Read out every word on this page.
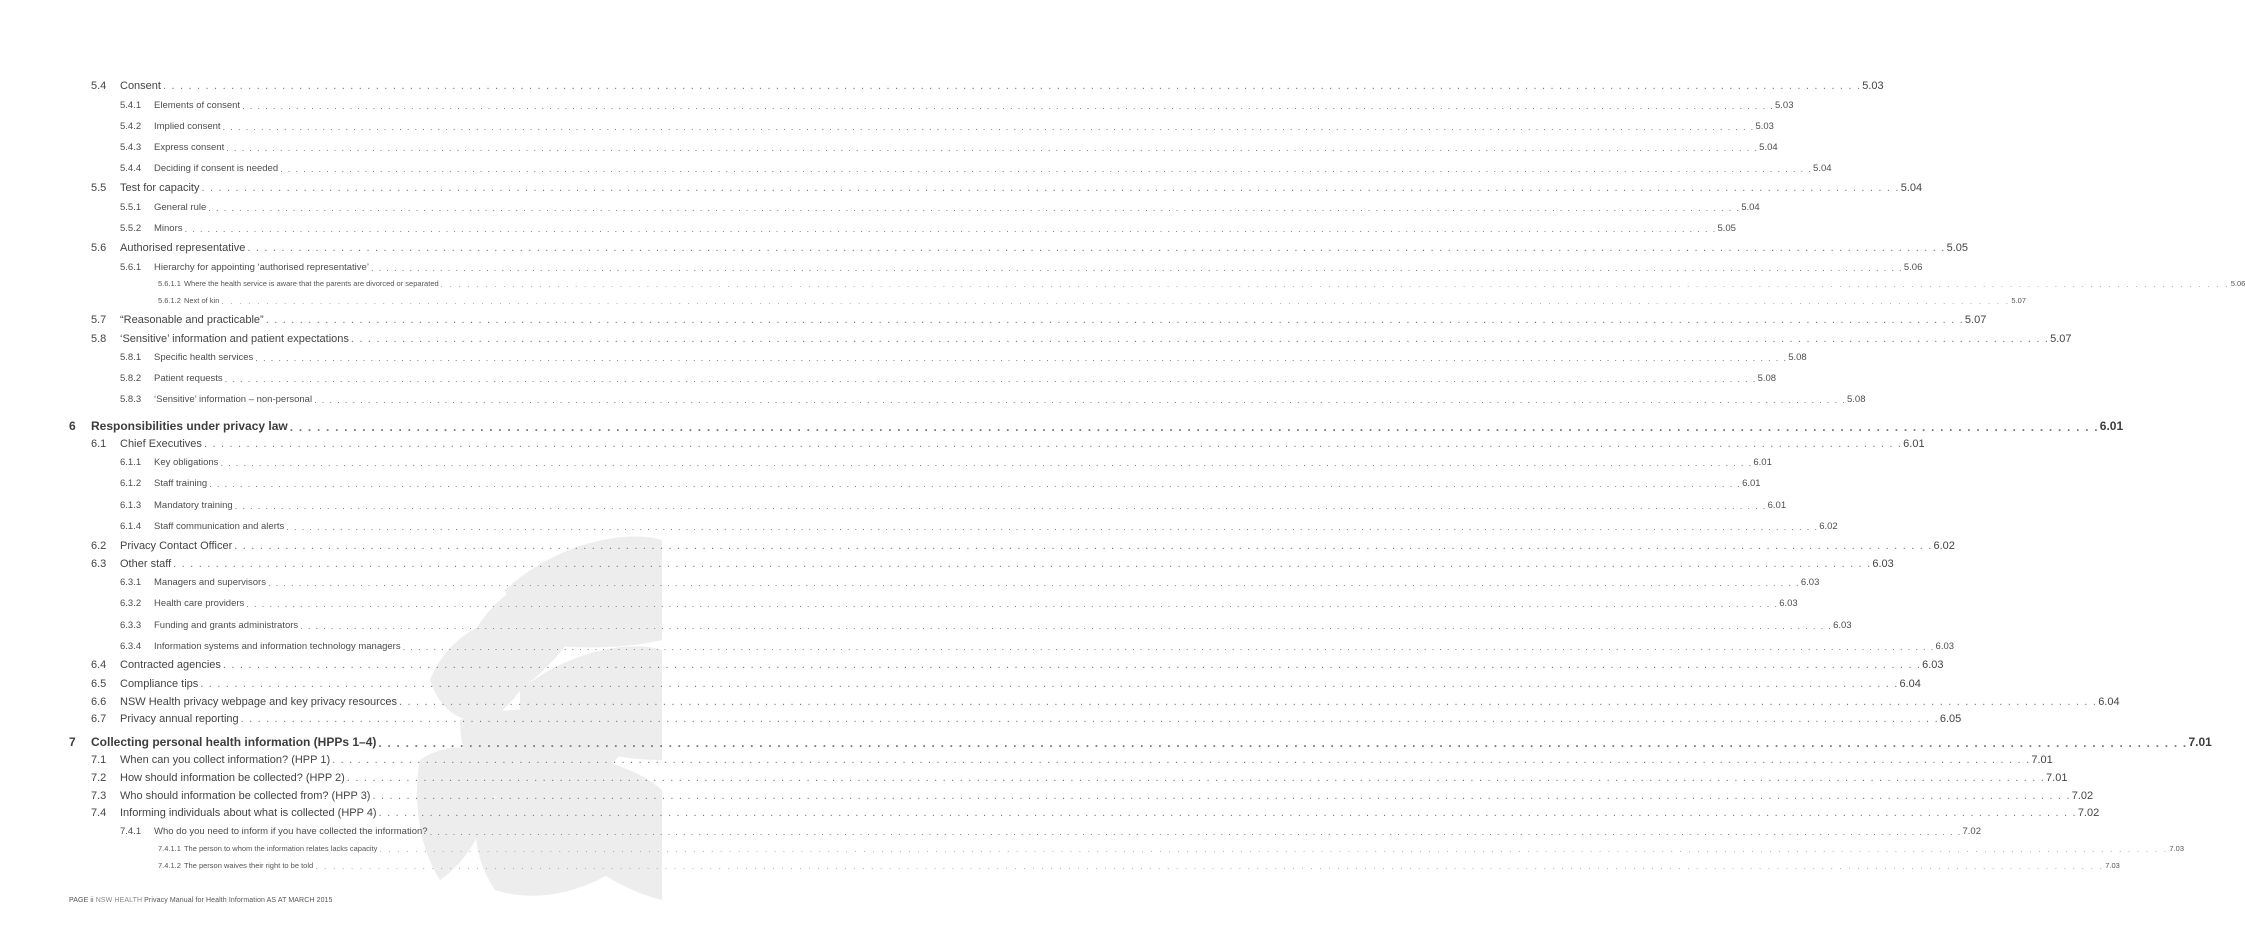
5.4	Consent . . . . . . . . . . . . . . . . . . . . . . . . . . . . . . . . . . . . . . . . . . . . . . . . . . . . . . . . . . . . . . . . . . . . . . . . . . . . . . . . . . . . . . . . . . . . . . . . . . . . . . . . . . . . . . . . . . . . . . . . . . . . . . . . . . . . . . . . . . . . . . . . . . . . . . . . . . . . . . . . . . . . . . . . . . . . . . . . . . . . . . . . . . . . . . . . . . . . . . . . 5.03
5.4.1	Elements of consent . . . . . . . . . . . . . . . . . . . . . . . . . . . . . . . . . . . . . . . . . . . . . . . . . . . . . . . . . . . . . . . . . . . . . . . . . . . . . . . . . . . . . . . . . . . . . . . . . . . . . . . . . . . . . . . . . . . . . . . . . . . . . . . . . . . . . . . . . . . . . . . . . . . . . . . . . . . . . . . . . . . . . . . . . . . . . . . . . . . . . . . . . . . . . . . . . . . . . . . . 5.03
5.4.2	Implied consent . . . . . . . . . . . . . . . . . . . . . . . . . . . . . . . . . . . . . . . . . . . . . . . . . . . . . . . . . . . . . . . . . . . . . . . . . . . . . . . . . . . . . . . . . . . . . . . . . . . . . . . . . . . . . . . . . . . . . . . . . . . . . . . . . . . . . . . . . . . . . . . . . . . . . . . . . . . . . . . . . . . . . . . . . . . . . . . . . . . . . . . . . . . . . . . . . . . . . . . . 5.03
5.4.3	Express consent . . . . . . . . . . . . . . . . . . . . . . . . . . . . . . . . . . . . . . . . . . . . . . . . . . . . . . . . . . . . . . . . . . . . . . . . . . . . . . . . . . . . . . . . . . . . . . . . . . . . . . . . . . . . . . . . . . . . . . . . . . . . . . . . . . . . . . . . . . . . . . . . . . . . . . . . . . . . . . . . . . . . . . . . . . . . . . . . . . . . . . . . . . . . . . . . . . . . . . . . 5.04
5.4.4	Deciding if consent is needed . . . . . . . . . . . . . . . . . . . . . . . . . . . . . . . . . . . . . . . . . . . . . . . . . . . . . . . . . . . . . . . . . . . . . . . . . . . . . . . . . . . . . . . . . . . . . . . . . . . . . . . . . . . . . . . . . . . . . . . . . . . . . . . . . . . . . . . . . . . . . . . . . . . . . . . . . . . . . . . . . . . . . . . . . . . . . . . . . . . . . . . . . . . . . . . . . . . . . . . . 5.04
5.5	Test for capacity . . . . . . . . . . . . . . . . . . . . . . . . . . . . . . . . . . . . . . . . . . . . . . . . . . . . . . . . . . . . . . . . . . . . . . . . . . . . . . . . . . . . . . . . . . . . . . . . . . . . . . . . . . . . . . . . . . . . . . . . . . . . . . . . . . . . . . . . . . . . . . . . . . . . . . . . . . . . . . . . . . . . . . . . . . . . . . . . . . . . . . . . . . . . . . . . . . . . . . . . 5.04
5.5.1	General rule . . . . . . . . . . . . . . . . . . . . . . . . . . . . . . . . . . . . . . . . . . . . . . . . . . . . . . . . . . . . . . . . . . . . . . . . . . . . . . . . . . . . . . . . . . . . . . . . . . . . . . . . . . . . . . . . . . . . . . . . . . . . . . . . . . . . . . . . . . . . . . . . . . . . . . . . . . . . . . . . . . . . . . . . . . . . . . . . . . . . . . . . . . . . . . . . . . . . . . . . 5.04
5.5.2	Minors . . . . . . . . . . . . . . . . . . . . . . . . . . . . . . . . . . . . . . . . . . . . . . . . . . . . . . . . . . . . . . . . . . . . . . . . . . . . . . . . . . . . . . . . . . . . . . . . . . . . . . . . . . . . . . . . . . . . . . . . . . . . . . . . . . . . . . . . . . . . . . . . . . . . . . . . . . . . . . . . . . . . . . . . . . . . . . . . . . . . . . . . . . . . . . . . . . . . . . . . 5.05
5.6	Authorised representative . . . . . . . . . . . . . . . . . . . . . . . . . . . . . . . . . . . . . . . . . . . . . . . . . . . . . . . . . . . . . . . . . . . . . . . . . . . . . . . . . . . . . . . . . . . . . . . . . . . . . . . . . . . . . . . . . . . . . . . . . . . . . . . . . . . . . . . . . . . . . . . . . . . . . . . . . . . . . . . . . . . . . . . . . . . . . . . . . . . . . . . . . . . . . . . . . . . . . . . . 5.05
5.6.1	Hierarchy for appointing ‘authorised representative’ . . . . . . . . . . . . . . . . . . . . . . . . . . . . . . . . . . . . . . . . . . . . . . . . . . . . . . . . . . . . . . . . . . . . . . . . . . . . . . . . . . . . . . . . . . . . . . . . . . . . . . . . . . . . . . . . . . . . . . . . . . . . . . . . . . . . . . . . . . . . . . . . . . . . . . . . . . . . . . . . . . . . . . . . . . . . . . . . . . . . . . . . . . . . . . . . . . . . . . . . 5.06
5.6.1.1 Where the health service is aware that the parents are divorced or separated . . . . . . . . . . . . . . . . . . . . . . . . . . . . . . . . . . . . . . . . . . . . . . . . . . . . . . . . . . . . . . . . . . . . . . . . . . . . . . . . . . . . . . . . . . . . . . . . . . . . . . . . . . . . . . . . . . . . . . . . . . . . . . . . . . . . . . . . . . . . . . . . . . . . . . . . . . . . . . . . . . . . . . . . . . . . . . . . . . . . . . . . . . . . . . . . . . . . . . . . 5.06
5.6.1.2 Next of kin . . . . . . . . . . . . . . . . . . . . . . . . . . . . . . . . . . . . . . . . . . . . . . . . . . . . . . . . . . . . . . . . . . . . . . . . . . . . . . . . . . . . . . . . . . . . . . . . . . . . . . . . . . . . . . . . . . . . . . . . . . . . . . . . . . . . . . . . . . . . . . . . . . . . . . . . . . . . . . . . . . . . . . . . . . . . . . . . . . . . . . . . . . . . . . . . . . . . . . . . 5.07
5.7	“Reasonable and practicable” . . . . . . . . . . . . . . . . . . . . . . . . . . . . . . . . . . . . . . . . . . . . . . . . . . . . . . . . . . . . . . . . . . . . . . . . . . . . . . . . . . . . . . . . . . . . . . . . . . . . . . . . . . . . . . . . . . . . . . . . . . . . . . . . . . . . . . . . . . . . . . . . . . . . . . . . . . . . . . . . . . . . . . . . . . . . . . . . . . . . . . . . . . . . . . . . . . . . . . . . 5.07
5.8	‘Sensitive’ information and patient expectations . . . . . . . . . . . . . . . . . . . . . . . . . . . . . . . . . . . . . . . . . . . . . . . . . . . . . . . . . . . . . . . . . . . . . . . . . . . . . . . . . . . . . . . . . . . . . . . . . . . . . . . . . . . . . . . . . . . . . . . . . . . . . . . . . . . . . . . . . . . . . . . . . . . . . . . . . . . . . . . . . . . . . . . . . . . . . . . . . . . . . . . . . . . . . . . . . . . . . . . . 5.07
5.8.1	Specific health services . . . . . . . . . . . . . . . . . . . . . . . . . . . . . . . . . . . . . . . . . . . . . . . . . . . . . . . . . . . . . . . . . . . . . . . . . . . . . . . . . . . . . . . . . . . . . . . . . . . . . . . . . . . . . . . . . . . . . . . . . . . . . . . . . . . . . . . . . . . . . . . . . . . . . . . . . . . . . . . . . . . . . . . . . . . . . . . . . . . . . . . . . . . . . . . . . . . . . . . . 5.08
5.8.2	Patient requests . . . . . . . . . . . . . . . . . . . . . . . . . . . . . . . . . . . . . . . . . . . . . . . . . . . . . . . . . . . . . . . . . . . . . . . . . . . . . . . . . . . . . . . . . . . . . . . . . . . . . . . . . . . . . . . . . . . . . . . . . . . . . . . . . . . . . . . . . . . . . . . . . . . . . . . . . . . . . . . . . . . . . . . . . . . . . . . . . . . . . . . . . . . . . . . . . . . . . . . . 5.08
5.8.3	‘Sensitive’ information – non-personal . . . . . . . . . . . . . . . . . . . . . . . . . . . . . . . . . . . . . . . . . . . . . . . . . . . . . . . . . . . . . . . . . . . . . . . . . . . . . . . . . . . . . . . . . . . . . . . . . . . . . . . . . . . . . . . . . . . . . . . . . . . . . . . . . . . . . . . . . . . . . . . . . . . . . . . . . . . . . . . . . . . . . . . . . . . . . . . . . . . . . . . . . . . . . . . . . . . . . . . . 5.08
6	Responsibilities under privacy law . . . . . . . . . . . . . . . . . . . . . . . . . . . . . . . . . . . . . . . . . . . . . . . . . . . . . . . . . . . . . . . . . . . . . . . . . . . . . . . . . . . . . . . . . . . . . . . . . . . . . . . . . . . . . . . . . . . . . . . . . . . . . . . . . . . . . . . . . . . . . . . . . . . . . . . . . . . . . . . . . . . . . . . . . . . . . . . . . . . . . . . . . . . . . . . . . . . . . . . . 6.01
6.1	Chief Executives . . . . . . . . . . . . . . . . . . . . . . . . . . . . . . . . . . . . . . . . . . . . . . . . . . . . . . . . . . . . . . . . . . . . . . . . . . . . . . . . . . . . . . . . . . . . . . . . . . . . . . . . . . . . . . . . . . . . . . . . . . . . . . . . . . . . . . . . . . . . . . . . . . . . . . . . . . . . . . . . . . . . . . . . . . . . . . . . . . . . . . . . . . . . . . . . . . . . . . . . 6.01
6.1.1	Key obligations . . . . . . . . . . . . . . . . . . . . . . . . . . . . . . . . . . . . . . . . . . . . . . . . . . . . . . . . . . . . . . . . . . . . . . . . . . . . . . . . . . . . . . . . . . . . . . . . . . . . . . . . . . . . . . . . . . . . . . . . . . . . . . . . . . . . . . . . . . . . . . . . . . . . . . . . . . . . . . . . . . . . . . . . . . . . . . . . . . . . . . . . . . . . . . . . . . . . . . . . 6.01
6.1.2	Staff training . . . . . . . . . . . . . . . . . . . . . . . . . . . . . . . . . . . . . . . . . . . . . . . . . . . . . . . . . . . . . . . . . . . . . . . . . . . . . . . . . . . . . . . . . . . . . . . . . . . . . . . . . . . . . . . . . . . . . . . . . . . . . . . . . . . . . . . . . . . . . . . . . . . . . . . . . . . . . . . . . . . . . . . . . . . . . . . . . . . . . . . . . . . . . . . . . . . . . . . . 6.01
6.1.3	Mandatory training . . . . . . . . . . . . . . . . . . . . . . . . . . . . . . . . . . . . . . . . . . . . . . . . . . . . . . . . . . . . . . . . . . . . . . . . . . . . . . . . . . . . . . . . . . . . . . . . . . . . . . . . . . . . . . . . . . . . . . . . . . . . . . . . . . . . . . . . . . . . . . . . . . . . . . . . . . . . . . . . . . . . . . . . . . . . . . . . . . . . . . . . . . . . . . . . . . . . . . . . 6.01
6.1.4	Staff communication and alerts . . . . . . . . . . . . . . . . . . . . . . . . . . . . . . . . . . . . . . . . . . . . . . . . . . . . . . . . . . . . . . . . . . . . . . . . . . . . . . . . . . . . . . . . . . . . . . . . . . . . . . . . . . . . . . . . . . . . . . . . . . . . . . . . . . . . . . . . . . . . . . . . . . . . . . . . . . . . . . . . . . . . . . . . . . . . . . . . . . . . . . . . . . . . . . . . . . . . . . . . 6.02
6.2	Privacy Contact Officer . . . . . . . . . . . . . . . . . . . . . . . . . . . . . . . . . . . . . . . . . . . . . . . . . . . . . . . . . . . . . . . . . . . . . . . . . . . . . . . . . . . . . . . . . . . . . . . . . . . . . . . . . . . . . . . . . . . . . . . . . . . . . . . . . . . . . . . . . . . . . . . . . . . . . . . . . . . . . . . . . . . . . . . . . . . . . . . . . . . . . . . . . . . . . . . . . . . . . . . . 6.02
6.3	Other staff . . . . . . . . . . . . . . . . . . . . . . . . . . . . . . . . . . . . . . . . . . . . . . . . . . . . . . . . . . . . . . . . . . . . . . . . . . . . . . . . . . . . . . . . . . . . . . . . . . . . . . . . . . . . . . . . . . . . . . . . . . . . . . . . . . . . . . . . . . . . . . . . . . . . . . . . . . . . . . . . . . . . . . . . . . . . . . . . . . . . . . . . . . . . . . . . . . . . . . . . 6.03
6.3.1	Managers and supervisors . . . . . . . . . . . . . . . . . . . . . . . . . . . . . . . . . . . . . . . . . . . . . . . . . . . . . . . . . . . . . . . . . . . . . . . . . . . . . . . . . . . . . . . . . . . . . . . . . . . . . . . . . . . . . . . . . . . . . . . . . . . . . . . . . . . . . . . . . . . . . . . . . . . . . . . . . . . . . . . . . . . . . . . . . . . . . . . . . . . . . . . . . . . . . . . . . . . . . . . . 6.03
6.3.2	Health care providers . . . . . . . . . . . . . . . . . . . . . . . . . . . . . . . . . . . . . . . . . . . . . . . . . . . . . . . . . . . . . . . . . . . . . . . . . . . . . . . . . . . . . . . . . . . . . . . . . . . . . . . . . . . . . . . . . . . . . . . . . . . . . . . . . . . . . . . . . . . . . . . . . . . . . . . . . . . . . . . . . . . . . . . . . . . . . . . . . . . . . . . . . . . . . . . . . . . . . . . . 6.03
6.3.3	Funding and grants administrators . . . . . . . . . . . . . . . . . . . . . . . . . . . . . . . . . . . . . . . . . . . . . . . . . . . . . . . . . . . . . . . . . . . . . . . . . . . . . . . . . . . . . . . . . . . . . . . . . . . . . . . . . . . . . . . . . . . . . . . . . . . . . . . . . . . . . . . . . . . . . . . . . . . . . . . . . . . . . . . . . . . . . . . . . . . . . . . . . . . . . . . . . . . . . . . . . . . . . . . . 6.03
6.3.4	Information systems and information technology managers . . . . . . . . . . . . . . . . . . . . . . . . . . . . . . . . . . . . . . . . . . . . . . . . . . . . . . . . . . . . . . . . . . . . . . . . . . . . . . . . . . . . . . . . . . . . . . . . . . . . . . . . . . . . . . . . . . . . . . . . . . . . . . . . . . . . . . . . . . . . . . . . . . . . . . . . . . . . . . . . . . . . . . . . . . . . . . . . . . . . . . . . . . . . . . . . . . . . . . . . 6.03
6.4	Contracted agencies . . . . . . . . . . . . . . . . . . . . . . . . . . . . . . . . . . . . . . . . . . . . . . . . . . . . . . . . . . . . . . . . . . . . . . . . . . . . . . . . . . . . . . . . . . . . . . . . . . . . . . . . . . . . . . . . . . . . . . . . . . . . . . . . . . . . . . . . . . . . . . . . . . . . . . . . . . . . . . . . . . . . . . . . . . . . . . . . . . . . . . . . . . . . . . . . . . . . . . . . 6.03
6.5	Compliance tips . . . . . . . . . . . . . . . . . . . . . . . . . . . . . . . . . . . . . . . . . . . . . . . . . . . . . . . . . . . . . . . . . . . . . . . . . . . . . . . . . . . . . . . . . . . . . . . . . . . . . . . . . . . . . . . . . . . . . . . . . . . . . . . . . . . . . . . . . . . . . . . . . . . . . . . . . . . . . . . . . . . . . . . . . . . . . . . . . . . . . . . . . . . . . . . . . . . . . . . . 6.04
6.6	NSW Health privacy webpage and key privacy resources . . . . . . . . . . . . . . . . . . . . . . . . . . . . . . . . . . . . . . . . . . . . . . . . . . . . . . . . . . . . . . . . . . . . . . . . . . . . . . . . . . . . . . . . . . . . . . . . . . . . . . . . . . . . . . . . . . . . . . . . . . . . . . . . . . . . . . . . . . . . . . . . . . . . . . . . . . . . . . . . . . . . . . . . . . . . . . . . . . . . . . . . . . . . . . . . . . . . . . . . 6.04
6.7	Privacy annual reporting . . . . . . . . . . . . . . . . . . . . . . . . . . . . . . . . . . . . . . . . . . . . . . . . . . . . . . . . . . . . . . . . . . . . . . . . . . . . . . . . . . . . . . . . . . . . . . . . . . . . . . . . . . . . . . . . . . . . . . . . . . . . . . . . . . . . . . . . . . . . . . . . . . . . . . . . . . . . . . . . . . . . . . . . . . . . . . . . . . . . . . . . . . . . . . . . . . . . . . . . 6.05
7	Collecting personal health information (HPPs 1–4) . . . . . . . . . . . . . . . . . . . . . . . . . . . . . . . . . . . . . . . . . . . . . . . . . . . . . . . . . . . . . . . . . . . . . . . . . . . . . . . . . . . . . . . . . . . . . . . . . . . . . . . . . . . . . . . . . . . . . . . . . . . . . . . . . . . . . . . . . . . . . . . . . . . . . . . . . . . . . . . . . . . . . . . . . . . . . . . . . . . . . . . . . . . . . . . . . . . . . . . . 7.01
7.1	When can you collect information? (HPP 1) . . . . . . . . . . . . . . . . . . . . . . . . . . . . . . . . . . . . . . . . . . . . . . . . . . . . . . . . . . . . . . . . . . . . . . . . . . . . . . . . . . . . . . . . . . . . . . . . . . . . . . . . . . . . . . . . . . . . . . . . . . . . . . . . . . . . . . . . . . . . . . . . . . . . . . . . . . . . . . . . . . . . . . . . . . . . . . . . . . . . . . . . . . . . . . . . . . . . . . . . 7.01
7.2	How should information be collected? (HPP 2) . . . . . . . . . . . . . . . . . . . . . . . . . . . . . . . . . . . . . . . . . . . . . . . . . . . . . . . . . . . . . . . . . . . . . . . . . . . . . . . . . . . . . . . . . . . . . . . . . . . . . . . . . . . . . . . . . . . . . . . . . . . . . . . . . . . . . . . . . . . . . . . . . . . . . . . . . . . . . . . . . . . . . . . . . . . . . . . . . . . . . . . . . . . . . . . . . . . . . . . . 7.01
7.3	Who should information be collected from? (HPP 3) . . . . . . . . . . . . . . . . . . . . . . . . . . . . . . . . . . . . . . . . . . . . . . . . . . . . . . . . . . . . . . . . . . . . . . . . . . . . . . . . . . . . . . . . . . . . . . . . . . . . . . . . . . . . . . . . . . . . . . . . . . . . . . . . . . . . . . . . . . . . . . . . . . . . . . . . . . . . . . . . . . . . . . . . . . . . . . . . . . . . . . . . . . . . . . . . . . . . . . . . 7.02
7.4	Informing individuals about what is collected (HPP 4) . . . . . . . . . . . . . . . . . . . . . . . . . . . . . . . . . . . . . . . . . . . . . . . . . . . . . . . . . . . . . . . . . . . . . . . . . . . . . . . . . . . . . . . . . . . . . . . . . . . . . . . . . . . . . . . . . . . . . . . . . . . . . . . . . . . . . . . . . . . . . . . . . . . . . . . . . . . . . . . . . . . . . . . . . . . . . . . . . . . . . . . . . . . . . . . . . . . . . . . . 7.02
7.4.1	Who do you need to inform if you have collected the information? . . . . . . . . . . . . . . . . . . . . . . . . . . . . . . . . . . . . . . . . . . . . . . . . . . . . . . . . . . . . . . . . . . . . . . . . . . . . . . . . . . . . . . . . . . . . . . . . . . . . . . . . . . . . . . . . . . . . . . . . . . . . . . . . . . . . . . . . . . . . . . . . . . . . . . . . . . . . . . . . . . . . . . . . . . . . . . . . . . . . . . . . . . . . . . . . . . . . . . . . 7.02
7.4.1.1 The person to whom the information relates lacks capacity . . . . . . . . . . . . . . . . . . . . . . . . . . . . . . . . . . . . . . . . . . . . . . . . . . . . . . . . . . . . . . . . . . . . . . . . . . . . . . . . . . . . . . . . . . . . . . . . . . . . . . . . . . . . . . . . . . . . . . . . . . . . . . . . . . . . . . . . . . . . . . . . . . . . . . . . . . . . . . . . . . . . . . . . . . . . . . . . . . . . . . . . . . . . . . . . . . . . . . . . 7.03
7.4.1.2 The person waives their right to be told . . . . . . . . . . . . . . . . . . . . . . . . . . . . . . . . . . . . . . . . . . . . . . . . . . . . . . . . . . . . . . . . . . . . . . . . . . . . . . . . . . . . . . . . . . . . . . . . . . . . . . . . . . . . . . . . . . . . . . . . . . . . . . . . . . . . . . . . . . . . . . . . . . . . . . . . . . . . . . . . . . . . . . . . . . . . . . . . . . . . . . . . . . . . . . . . . . . . . . . . 7.03
PAGE ii NSW HEALTH Privacy Manual for Health Information AS AT MARCH 2015
